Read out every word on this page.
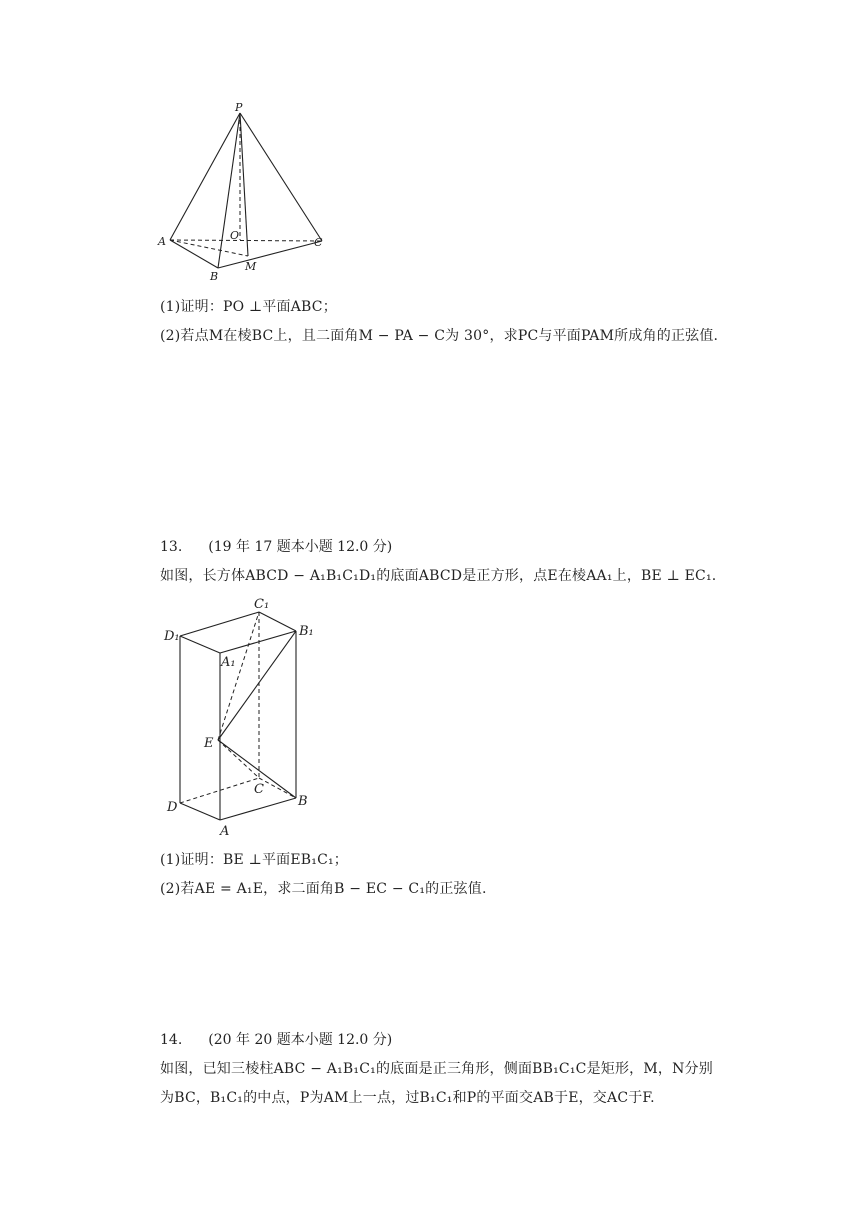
P
A	O
C
B
M
(1)证明：PO ⊥平面ABC；
(2)若点M在棱BC上，且二面角M − PA − C为 30°，求PC与平面PAM所成角的正弦值.
13. (19 年 17 题本小题 12.0 分)
如图，长方体ABCD − A₁B₁C₁D₁的底面ABCD是正方形，点E在棱AA₁上，BE ⊥ EC₁.
C₁
D₁	B₁
A₁
E
C
D	B
A
(1)证明：BE ⊥平面EB₁C₁；
(2)若AE = A₁E，求二面角B − EC − C₁的正弦值.
14. (20 年 20 题本小题 12.0 分)
如图，已知三棱柱ABC − A₁B₁C₁的底面是正三角形，侧面BB₁C₁C是矩形，M，N分别
为BC，B₁C₁的中点，P为AM上一点，过B₁C₁和P的平面交AB于E，交AC于F.
